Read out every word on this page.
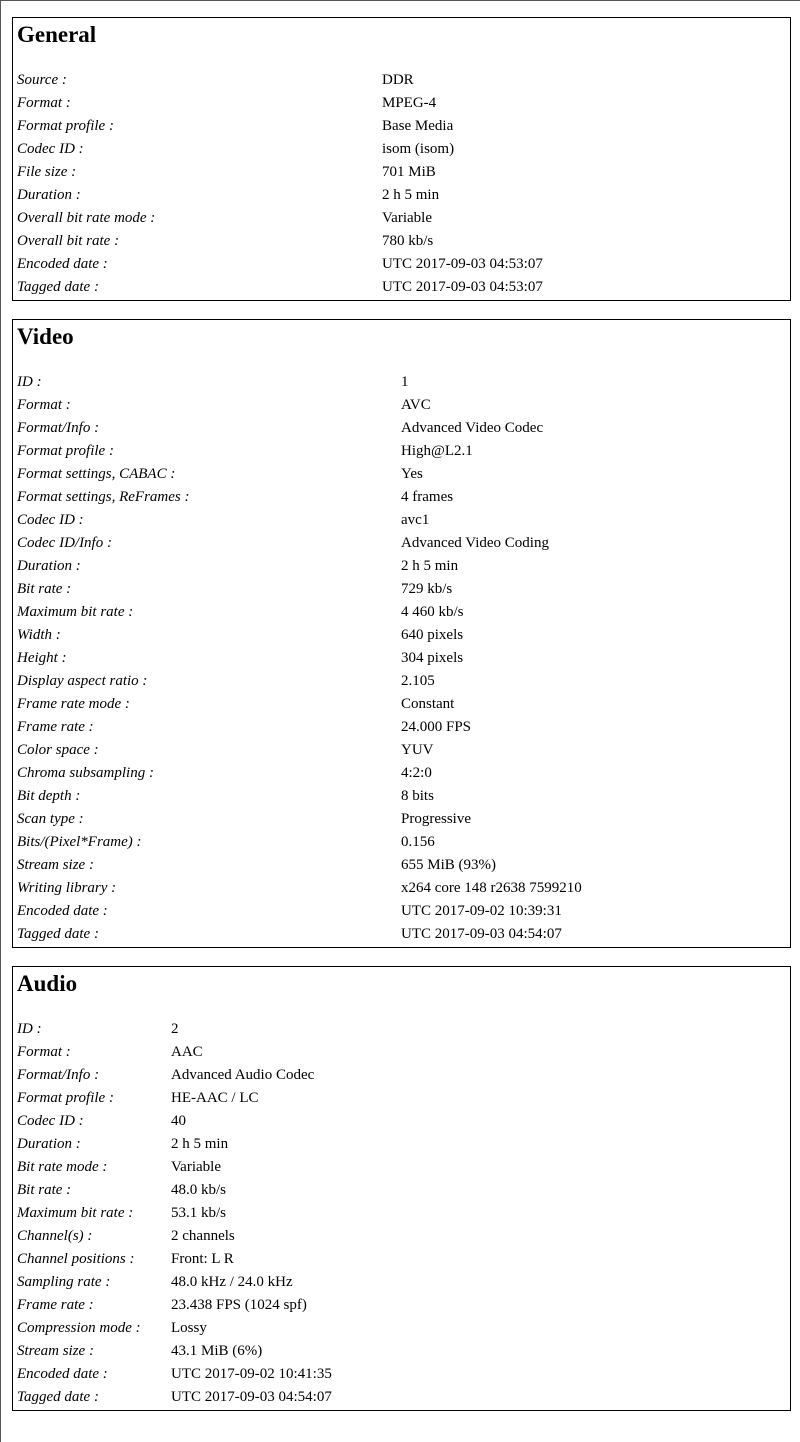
General
Source :	DDR
Format :	MPEG-4
Format profile :	Base Media
Codec ID :	isom (isom)
File size :	701 MiB
Duration :	2 h 5 min
Overall bit rate mode :	Variable
Overall bit rate :	780 kb/s
Encoded date :	UTC 2017-09-03 04:53:07
Tagged date :	UTC 2017-09-03 04:53:07
Video
ID :	1
Format :	AVC
Format/Info :	Advanced Video Codec
Format profile :	High@L2.1
Format settings, CABAC :	Yes
Format settings, ReFrames :	4 frames
Codec ID :	avc1
Codec ID/Info :	Advanced Video Coding
Duration :	2 h 5 min
Bit rate :	729 kb/s
Maximum bit rate :	4 460 kb/s
Width :	640 pixels
Height :	304 pixels
Display aspect ratio :	2.105
Frame rate mode :	Constant
Frame rate :	24.000 FPS
Color space :	YUV
Chroma subsampling :	4:2:0
Bit depth :	8 bits
Scan type :	Progressive
Bits/(Pixel*Frame) :	0.156
Stream size :	655 MiB (93%)
Writing library :	x264 core 148 r2638 7599210
Encoded date :	UTC 2017-09-02 10:39:31
Tagged date :	UTC 2017-09-03 04:54:07
Audio
ID :	2
Format :	AAC
Format/Info :	Advanced Audio Codec
Format profile :	HE-AAC / LC
Codec ID :	40
Duration :	2 h 5 min
Bit rate mode :	Variable
Bit rate :	48.0 kb/s
Maximum bit rate :	53.1 kb/s
Channel(s) :	2 channels
Channel positions : Front: L R
Sampling rate :	48.0 kHz / 24.0 kHz
Frame rate :	23.438 FPS (1024 spf)
Compression mode : Lossy
Stream size :	43.1 MiB (6%)
Encoded date :	UTC 2017-09-02 10:41:35
Tagged date :	UTC 2017-09-03 04:54:07
